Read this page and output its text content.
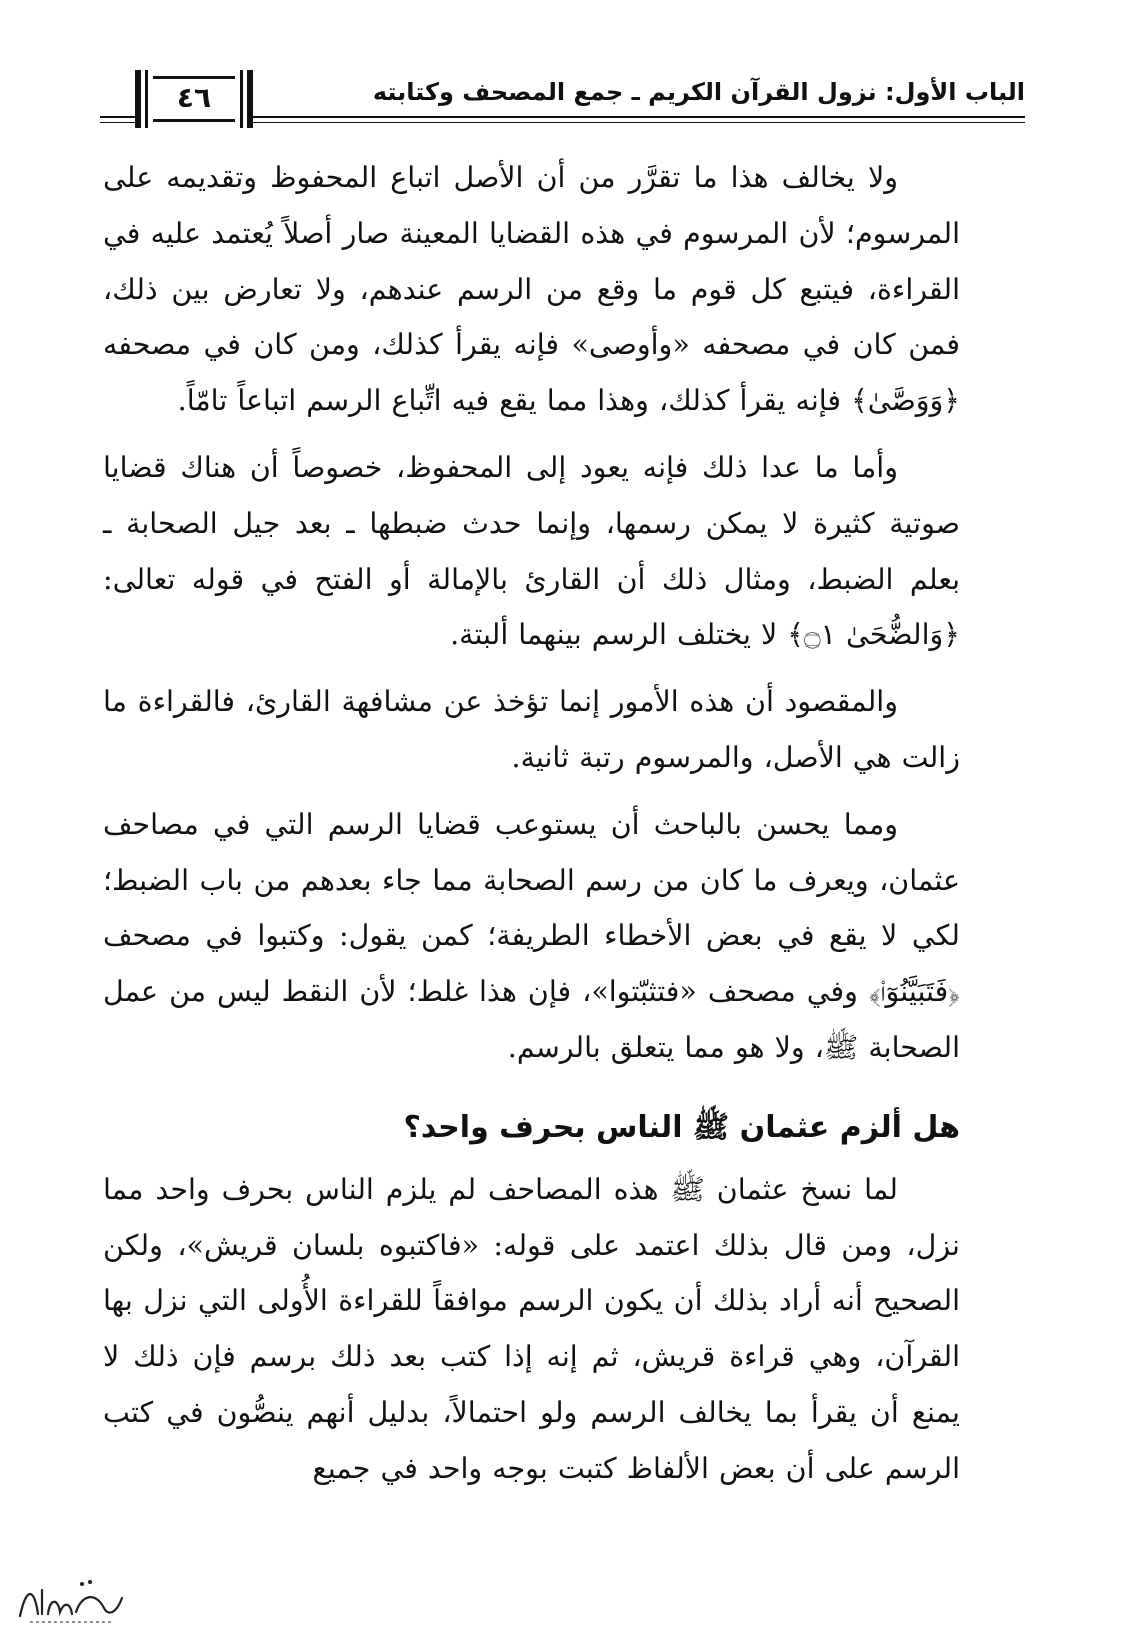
الباب الأول: نزول القرآن الكريم ـ جمع المصحف وكتابته
٤٦

ولا يخالف هذا ما تقرَّر من أن الأصل اتباع المحفوظ وتقديمه على المرسوم؛ لأن المرسوم في هذه القضايا المعينة صار أصلاً يُعتمد عليه في القراءة، فيتبع كل قوم ما وقع من الرسم عندهم، ولا تعارض بين ذلك، فمن كان في مصحفه «وأوصى» فإنه يقرأ كذلك، ومن كان في مصحفه ﴿وَوَصَّىٰ﴾ فإنه يقرأ كذلك، وهذا مما يقع فيه اتِّباع الرسم اتباعاً تامّاً.

وأما ما عدا ذلك فإنه يعود إلى المحفوظ، خصوصاً أن هناك قضايا صوتية كثيرة لا يمكن رسمها، وإنما حدث ضبطها ـ بعد جيل الصحابة ـ بعلم الضبط، ومثال ذلك أن القارئ بالإمالة أو الفتح في قوله تعالى: ﴿وَالضُّحَىٰ ۝١﴾ لا يختلف الرسم بينهما ألبتة.

والمقصود أن هذه الأمور إنما تؤخذ عن مشافهة القارئ، فالقراءة ما زالت هي الأصل، والمرسوم رتبة ثانية.

ومما يحسن بالباحث أن يستوعب قضايا الرسم التي في مصاحف عثمان، ويعرف ما كان من رسم الصحابة مما جاء بعدهم من باب الضبط؛ لكي لا يقع في بعض الأخطاء الطريفة؛ كمن يقول: وكتبوا في مصحف ﴿فَتَبَيَّنُوٓا۟﴾ وفي مصحف «فتثبّتوا»، فإن هذا غلط؛ لأن النقط ليس من عمل الصحابة ﷺ، ولا هو مما يتعلق بالرسم.

هل ألزم عثمان ﷺ الناس بحرف واحد؟

لما نسخ عثمان ﷺ هذه المصاحف لم يلزم الناس بحرف واحد مما نزل، ومن قال بذلك اعتمد على قوله: «فاكتبوه بلسان قريش»، ولكن الصحيح أنه أراد بذلك أن يكون الرسم موافقاً للقراءة الأُولى التي نزل بها القرآن، وهي قراءة قريش، ثم إنه إذا كتب بعد ذلك برسم فإن ذلك لا يمنع أن يقرأ بما يخالف الرسم ولو احتمالاً، بدليل أنهم ينصُّون في كتب الرسم على أن بعض الألفاظ كتبت بوجه واحد في جميع
